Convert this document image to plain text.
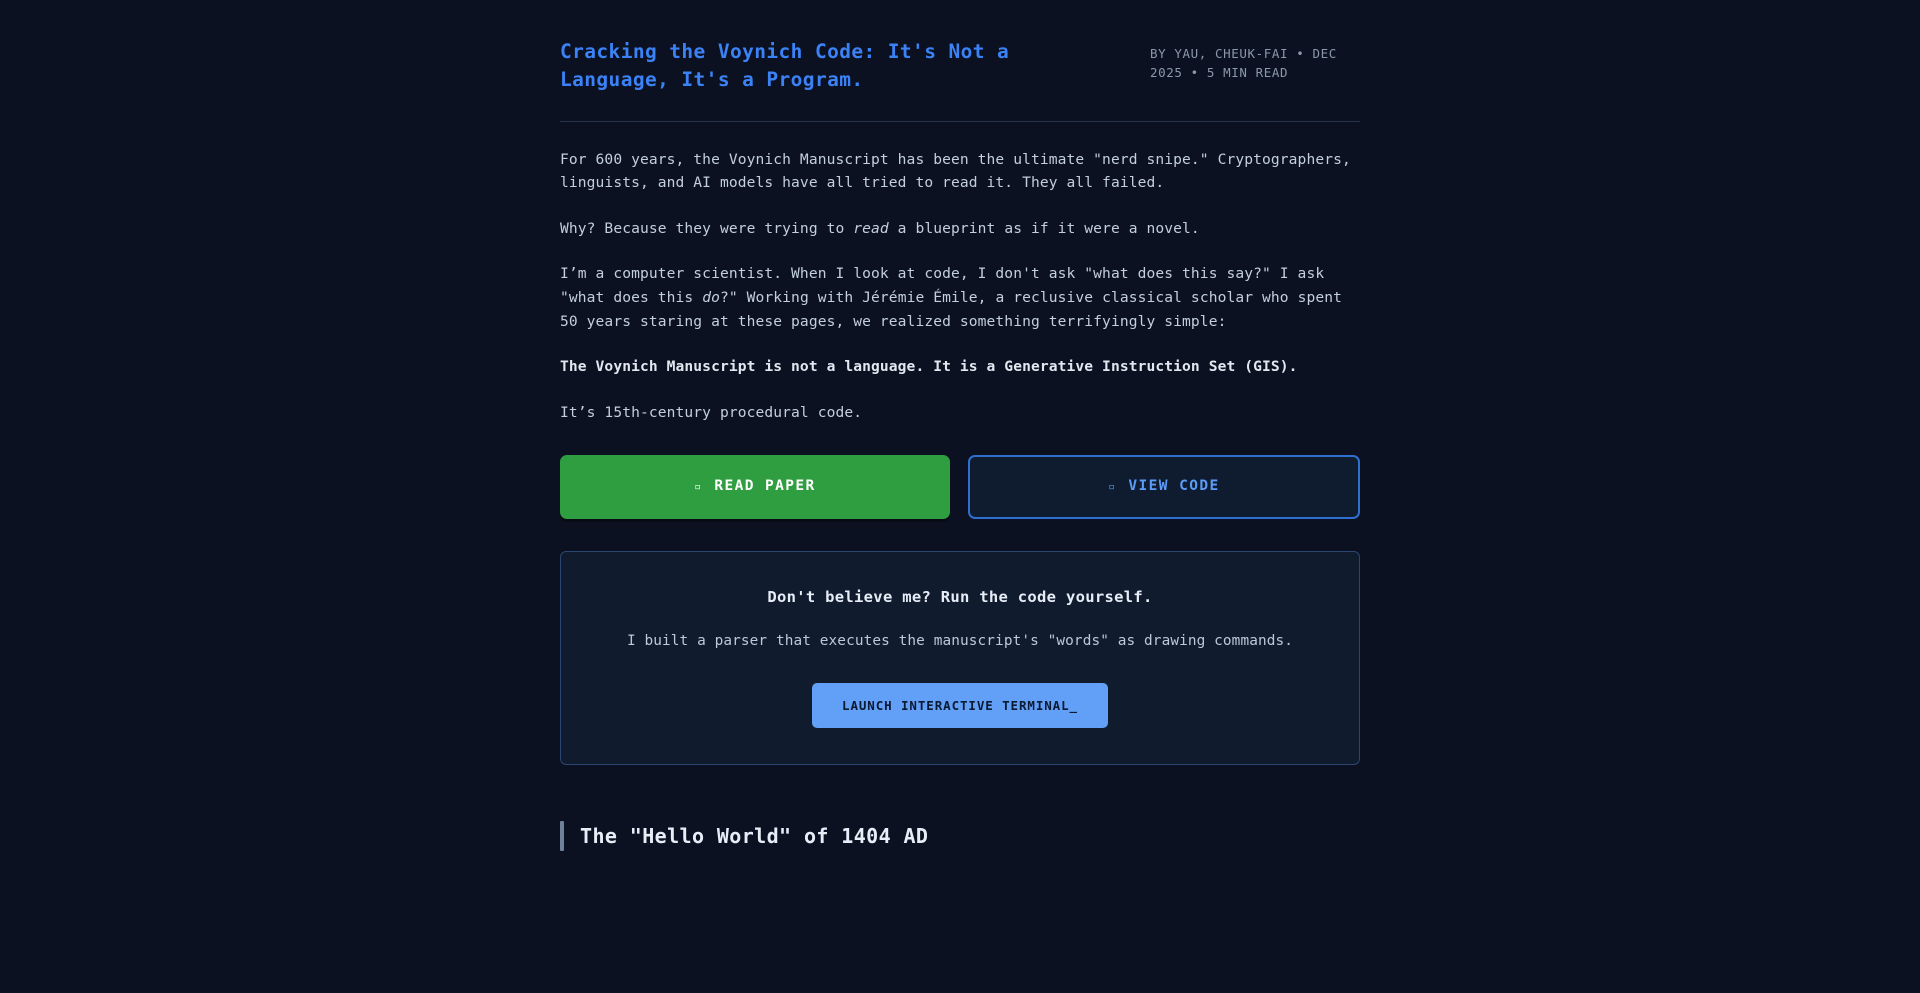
Cracking the Voynich Code: It's Not a Language, It's a Program.
BY YAU, CHEUK-FAI • DEC 2025 • 5 MIN READ

For 600 years, the Voynich Manuscript has been the ultimate "nerd snipe." Cryptographers, linguists, and AI models have all tried to read it. They all failed.

Why? Because they were trying to read a blueprint as if it were a novel.

I’m a computer scientist. When I look at code, I don't ask "what does this say?" I ask "what does this do?" Working with Jérémie Émile, a reclusive classical scholar who spent 50 years staring at these pages, we realized something terrifyingly simple:

The Voynich Manuscript is not a language. It is a Generative Instruction Set (GIS).

It’s 15th-century procedural code.

▫ READ PAPER	▫ VIEW CODE

Don't believe me? Run the code yourself.

I built a parser that executes the manuscript's "words" as drawing commands.

LAUNCH INTERACTIVE TERMINAL_
The "Hello World" of 1404 AD
